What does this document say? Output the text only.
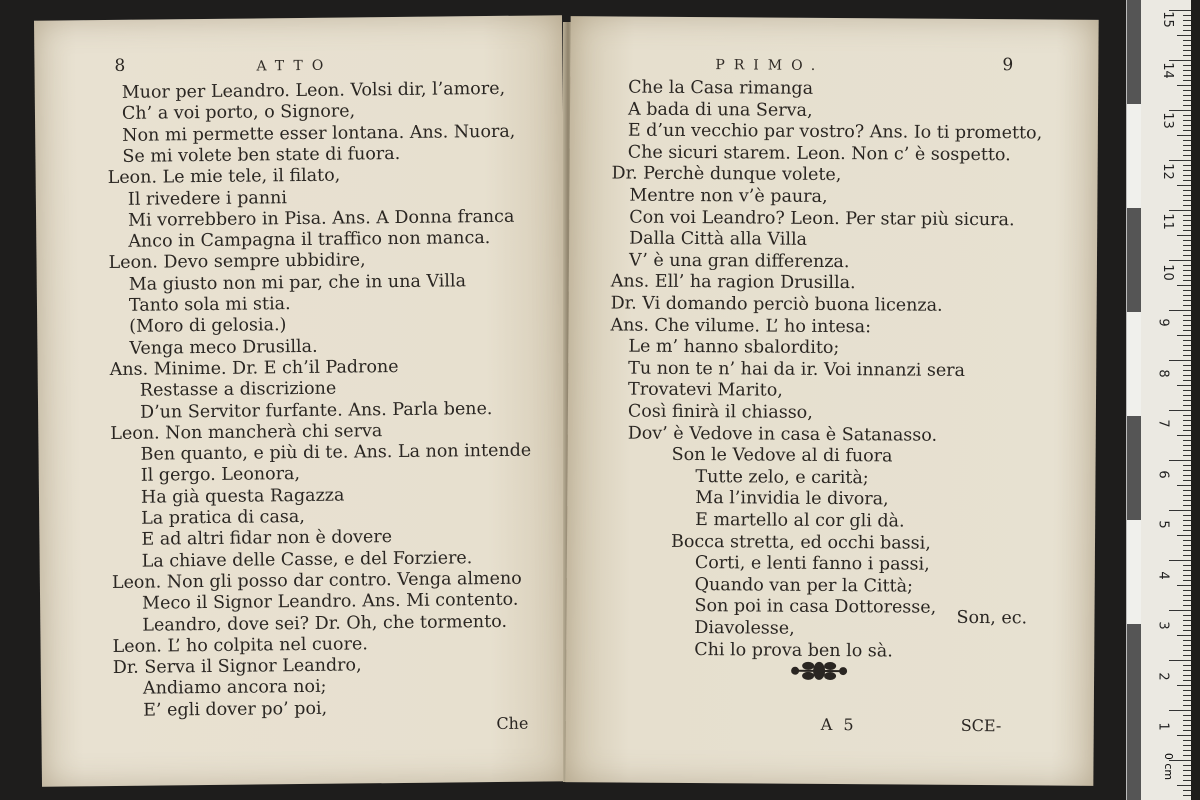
8	ATTO
Muor per Leandro. Leon. Volsi dir, l’amore,
Ch’ a voi porto, o Signore,
Non mi permette esser lontana. Ans. Nuora,
Se mi volete ben state di fuora.
Leon. Le mie tele, il filato,
Il rivedere i panni
Mi vorrebbero in Pisa. Ans. A Donna franca
Anco in Campagna il traffico non manca.
Leon. Devo sempre ubbidire,
Ma giusto non mi par, che in una Villa
Tanto sola mi stia.
(Moro di gelosia.)
Venga meco Drusilla.
Ans. Minime. Dr. E ch’il Padrone
Restasse a discrizione
D’un Servitor furfante. Ans. Parla bene.
Leon. Non mancherà chi serva
Ben quanto, e più di te. Ans. La non intende
Il gergo. Leonora,
Ha già questa Ragazza
La pratica di casa,
E ad altri fidar non è dovere
La chiave delle Casse, e del Forziere.
Leon. Non gli posso dar contro. Venga almeno
Meco il Signor Leandro. Ans. Mi contento.
Leandro, dove sei? Dr. Oh, che tormento.
Leon. L’ ho colpita nel cuore.
Dr. Serva il Signor Leandro,
Andiamo ancora noi;
E’ egli dover po’ poi,
Che
PRIMO.	9
Che la Casa rimanga
A bada di una Serva,
E d’un vecchio par vostro? Ans. Io ti prometto,
Che sicuri starem. Leon. Non c’ è sospetto.
Dr. Perchè dunque volete,
Mentre non v’è paura,
Con voi Leandro? Leon. Per star più sicura.
Dalla Città alla Villa
V’ è una gran differenza.
Ans. Ell’ ha ragion Drusilla.
Dr. Vi domando perciò buona licenza.
Ans. Che vilume. L’ ho intesa:
Le m’ hanno sbalordito;
Tu non te n’ hai da ir. Voi innanzi sera
Trovatevi Marito,
Così finirà il chiasso,
Dov’ è Vedove in casa è Satanasso.
Son le Vedove al di fuora
Tutte zelo, e carità;
Ma l’invidia le divora,
E martello al cor gli dà.
Bocca stretta, ed occhi bassi,
Corti, e lenti fanno i passi,
Quando van per la Città;
Son poi in casa Dottoresse,
Diavolesse,
Chi lo prova ben lo sà.
Son, ec.
A 5	SCE-
15
14
13
12
11
10
9
8
7
6
5
4
3
2
1
0 cm
